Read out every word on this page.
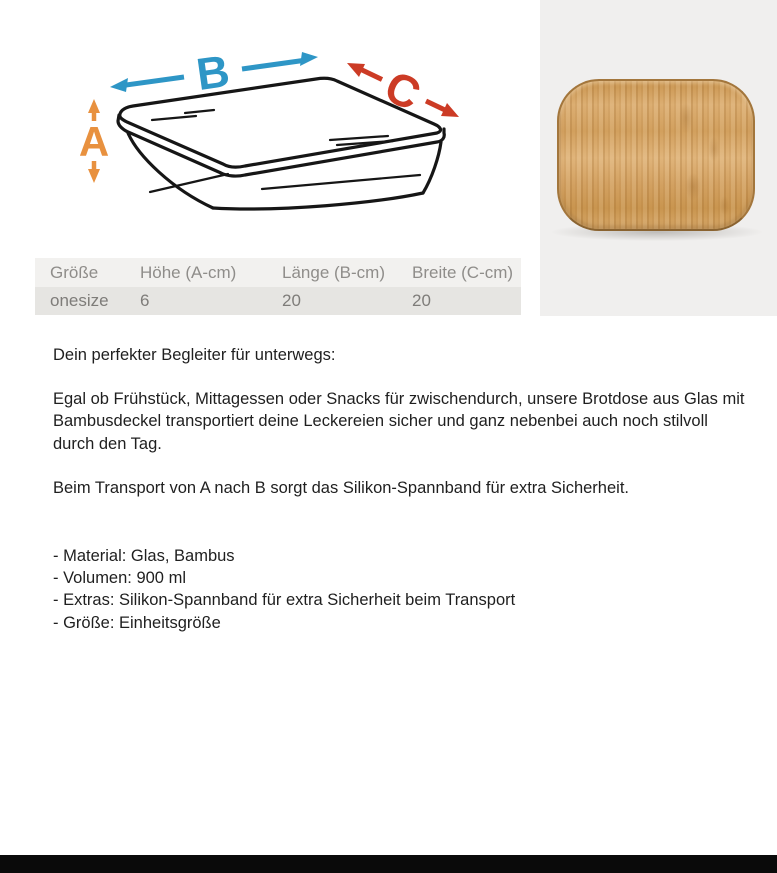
B	C
A
Größe	Höhe (A-cm)	Länge (B-cm)	Breite (C-cm)
onesize	6	20	20

Dein perfekter Begleiter für unterwegs:

Egal ob Frühstück, Mittagessen oder Snacks für zwischendurch, unsere Brotdose aus Glas mit Bambusdeckel transportiert deine Leckereien sicher und ganz nebenbei auch noch stilvoll durch den Tag.

Beim Transport von A nach B sorgt das Silikon-Spannband für extra Sicherheit.

- Material: Glas, Bambus
- Volumen: 900 ml
- Extras: Silikon-Spannband für extra Sicherheit beim Transport
- Größe: Einheitsgröße
